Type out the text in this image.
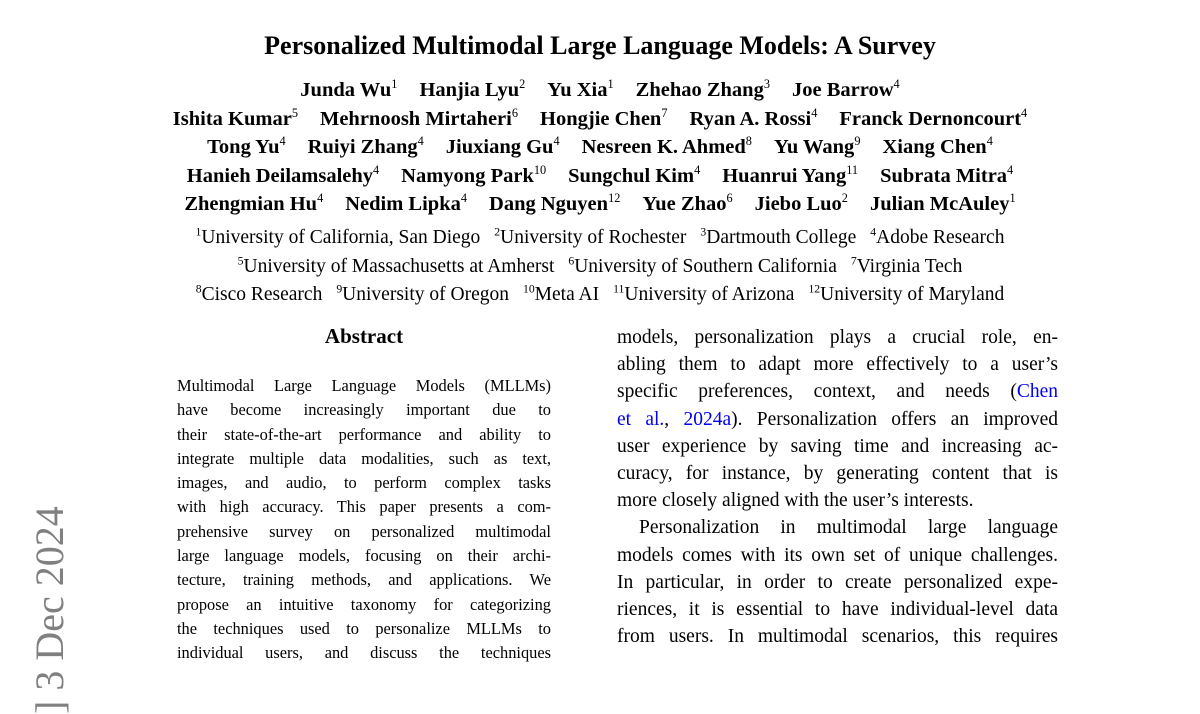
Personalized Multimodal Large Language Models: A Survey
Junda Wu$^1$ Hanjia Lyu$^2$ Yu Xia$^1$ Zhehao Zhang$^3$ Joe Barrow$^4$
Ishita Kumar$^5$ Mehrnoosh Mirtaheri$^6$ Hongjie Chen$^7$ Ryan A. Rossi$^4$ Franck Dernoncourt$^4$
Tong Yu$^4$ Ruiyi Zhang$^4$ Jiuxiang Gu$^4$ Nesreen K. Ahmed$^8$ Yu Wang$^9$ Xiang Chen$^4$
Hanieh Deilamsalehy$^4$ Namyong Park$^{10}$ Sungchul Kim$^4$ Huanrui Yang$^{11}$ Subrata Mitra$^4$
Zhengmian Hu$^4$ Nedim Lipka$^4$ Dang Nguyen$^{12}$ Yue Zhao$^6$ Jiebo Luo$^2$ Julian McAuley$^1$
$^1$University of California, San Diego $^2$University of Rochester $^3$Dartmouth College $^4$Adobe Research
$^5$University of Massachusetts at Amherst $^6$University of Southern California $^7$Virginia Tech
$^8$Cisco Research $^9$University of Oregon $^{10}$Meta AI $^{11}$University of Arizona $^{12}$University of Maryland
Abstract
Multimodal Large Language Models (MLLMs)
have become increasingly important due to
their state-of-the-art performance and ability to
integrate multiple data modalities, such as text,
images, and audio, to perform complex tasks
with high accuracy. This paper presents a com-
prehensive survey on personalized multimodal
large language models, focusing on their archi-
tecture, training methods, and applications. We
propose an intuitive taxonomy for categorizing
the techniques used to personalize MLLMs to
individual users, and discuss the techniques
models, personalization plays a crucial role, en-
abling them to adapt more effectively to a user’s
specific preferences, context, and needs (Chen
et al., 2024a). Personalization offers an improved
user experience by saving time and increasing ac-
curacy, for instance, by generating content that is
more closely aligned with the user’s interests.
Personalization in multimodal large language
models comes with its own set of unique challenges.
In particular, in order to create personalized expe-
riences, it is essential to have individual-level data
from users. In multimodal scenarios, this requires
] 3 Dec 2024
